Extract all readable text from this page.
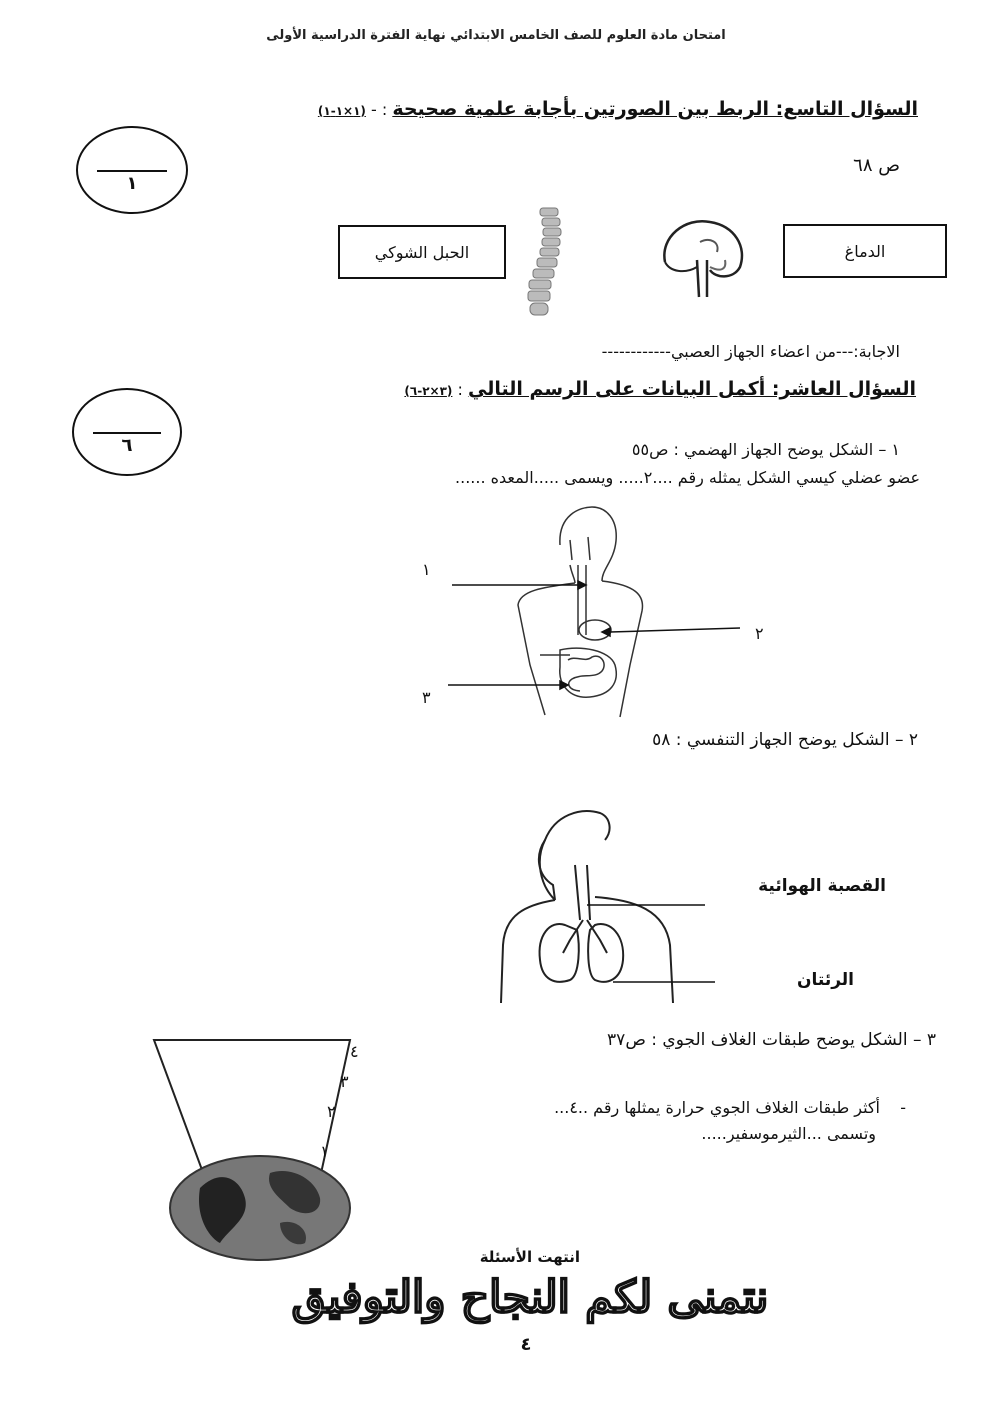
امتحان مادة العلوم للصف الخامس الابتدائي نهاية الفترة الدراسية الأولى
١
٦
السؤال التاسع: الربط بين الصورتين بأجابة علمية صحيحة : - (١×١-١)
ص ٦٨
الدماغ
الحبل الشوكي
الاجابة:---من اعضاء الجهاز العصبي------------
السؤال العاشر: أكمل البيانات على الرسم التالي : (٣×٢-٦)
١ – الشكل يوضح الجهاز الهضمي : ص٥٥
عضو عضلي كيسي الشكل يمثله رقم ....٢..... ويسمى .....المعده ......
١
٢
٣
٢ – الشكل يوضح الجهاز التنفسي : ٥٨
القصبة الهوائية
الرئتان
٤
٣
٢
١
٣ – الشكل يوضح طبقات الغلاف الجوي : ص٣٧
-
أكثر طبقات الغلاف الجوي حرارة يمثلها رقم ..٤...
وتسمى ...الثيرموسفير.....
انتهت الأسئلة
نتمنى لكم النجاح والتوفيق
٤
